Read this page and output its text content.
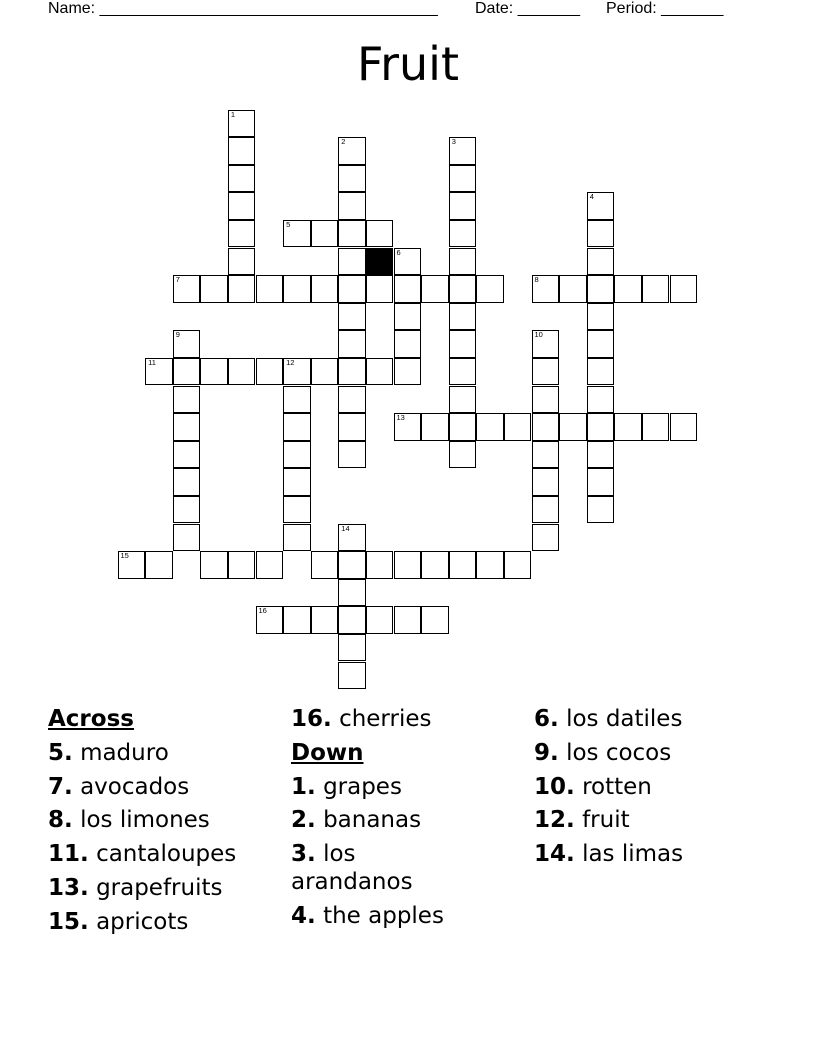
Name: ______________________________________ Date: _______ Period: _______
Fruit
1
2	3
4
5
6
7	8
9	10
11	12
13
14
15
16
Across
5. maduro
7. avocados
8. los limones
11. cantaloupes
13. grapefruits
15. apricots
16. cherries
Down
1. grapes
2. bananas
3. los arandanos
4. the apples
6. los datiles
9. los cocos
10. rotten
12. fruit
14. las limas
